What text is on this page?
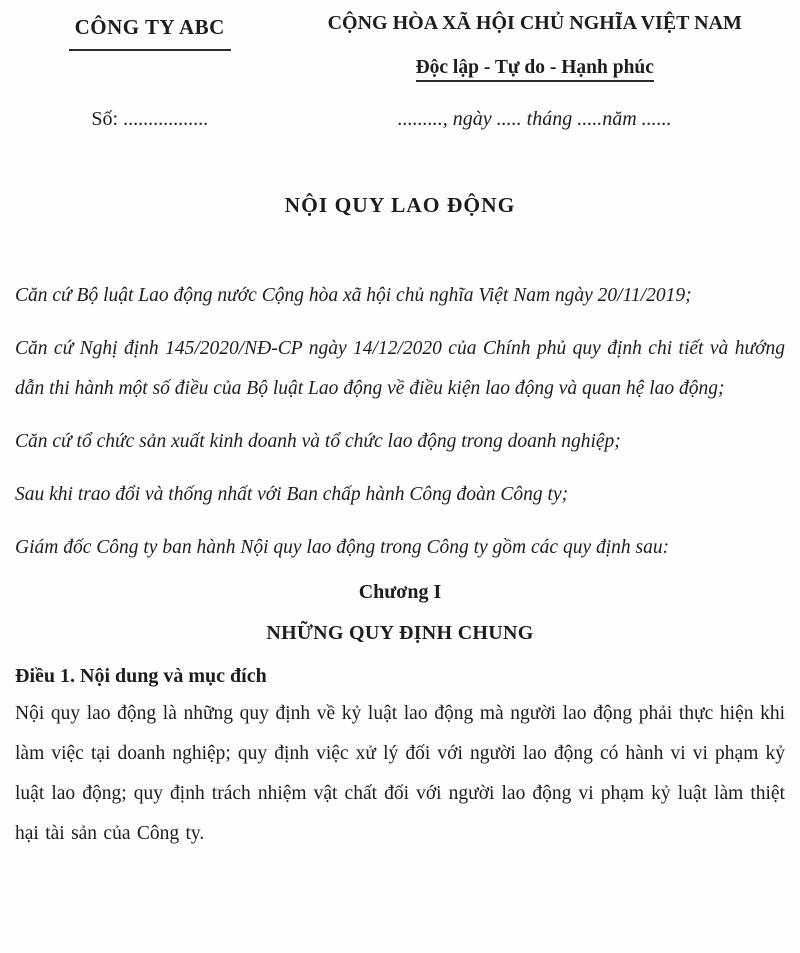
CÔNG TY ABC	CỘNG HÒA XÃ HỘI CHỦ NGHĨA VIỆT NAM
Độc lập - Tự do - Hạnh phúc
Số: .................	........., ngày ..... tháng .....năm ......
NỘI QUY LAO ĐỘNG

Căn cứ Bộ luật Lao động nước Cộng hòa xã hội chủ nghĩa Việt Nam ngày 20/11/2019;

Căn cứ Nghị định 145/2020/NĐ-CP ngày 14/12/2020 của Chính phủ quy định chi tiết và hướng dẫn thi hành một số điều của Bộ luật Lao động về điều kiện lao động và quan hệ lao động;

Căn cứ tổ chức sản xuất kinh doanh và tổ chức lao động trong doanh nghiệp;

Sau khi trao đổi và thống nhất với Ban chấp hành Công đoàn Công ty;

Giám đốc Công ty ban hành Nội quy lao động trong Công ty gồm các quy định sau:

Chương I
NHỮNG QUY ĐỊNH CHUNG
Điều 1. Nội dung và mục đích

Nội quy lao động là những quy định về kỷ luật lao động mà người lao động phải thực hiện khi làm việc tại doanh nghiệp; quy định việc xử lý đối với người lao động có hành vi vi phạm kỷ luật lao động; quy định trách nhiệm vật chất đối với người lao động vi phạm kỷ luật làm thiệt hại tài sản của Công ty.
